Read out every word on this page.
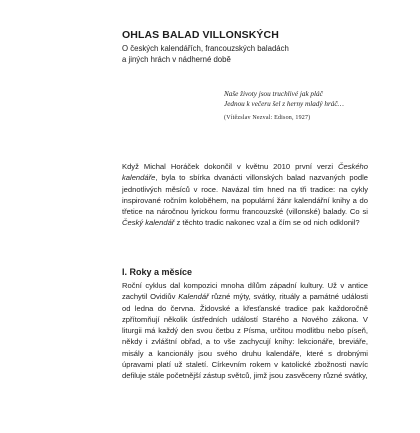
OHLAS BALAD VILLONSKÝCH

O českých kalendářích, francouzských baladách
a jiných hrách v nádherné době

Naše životy jsou truchlivé jak pláč
Jednou k večeru šel z herny mladý hráč…
(Vítězslav Nezval: Edison, 1927)

Když Michal Horáček dokončil v květnu 2010 první verzi Českého kalendáře, byla to sbírka dvanácti villonských balad nazvaných podle jednotlivých měsíců v roce. Navázal tím hned na tři tradice: na cykly inspirované ročním koloběhem, na populární žánr kalendářní knihy a do třetice na náročnou lyrickou formu francouzské (villonské) balady. Co si Český kalendář z těchto tradic nakonec vzal a čím se od nich odklonil?

I. Roky a měsíce

Roční cyklus dal kompozici mnoha dílům západní kultury. Už v antice zachytil Ovidiův Kalendář různé mýty, svátky, rituály a památné události od ledna do června. Židovské a křesťanské tradice pak každoročně zpřítomňují několik ústředních událostí Starého a Nového zákona. V liturgii má každý den svou četbu z Písma, určitou modlitbu nebo píseň, někdy i zvláštní obřad, a to vše zachycují knihy: lekcionáře, breviáře, misály a kancionály jsou svého druhu kalendáře, které s drobnými úpravami platí už staletí. Církevním rokem v katolické zbožnosti navíc defiluje stále početnější zástup světců, jimž jsou zasvěceny různé svátky,
